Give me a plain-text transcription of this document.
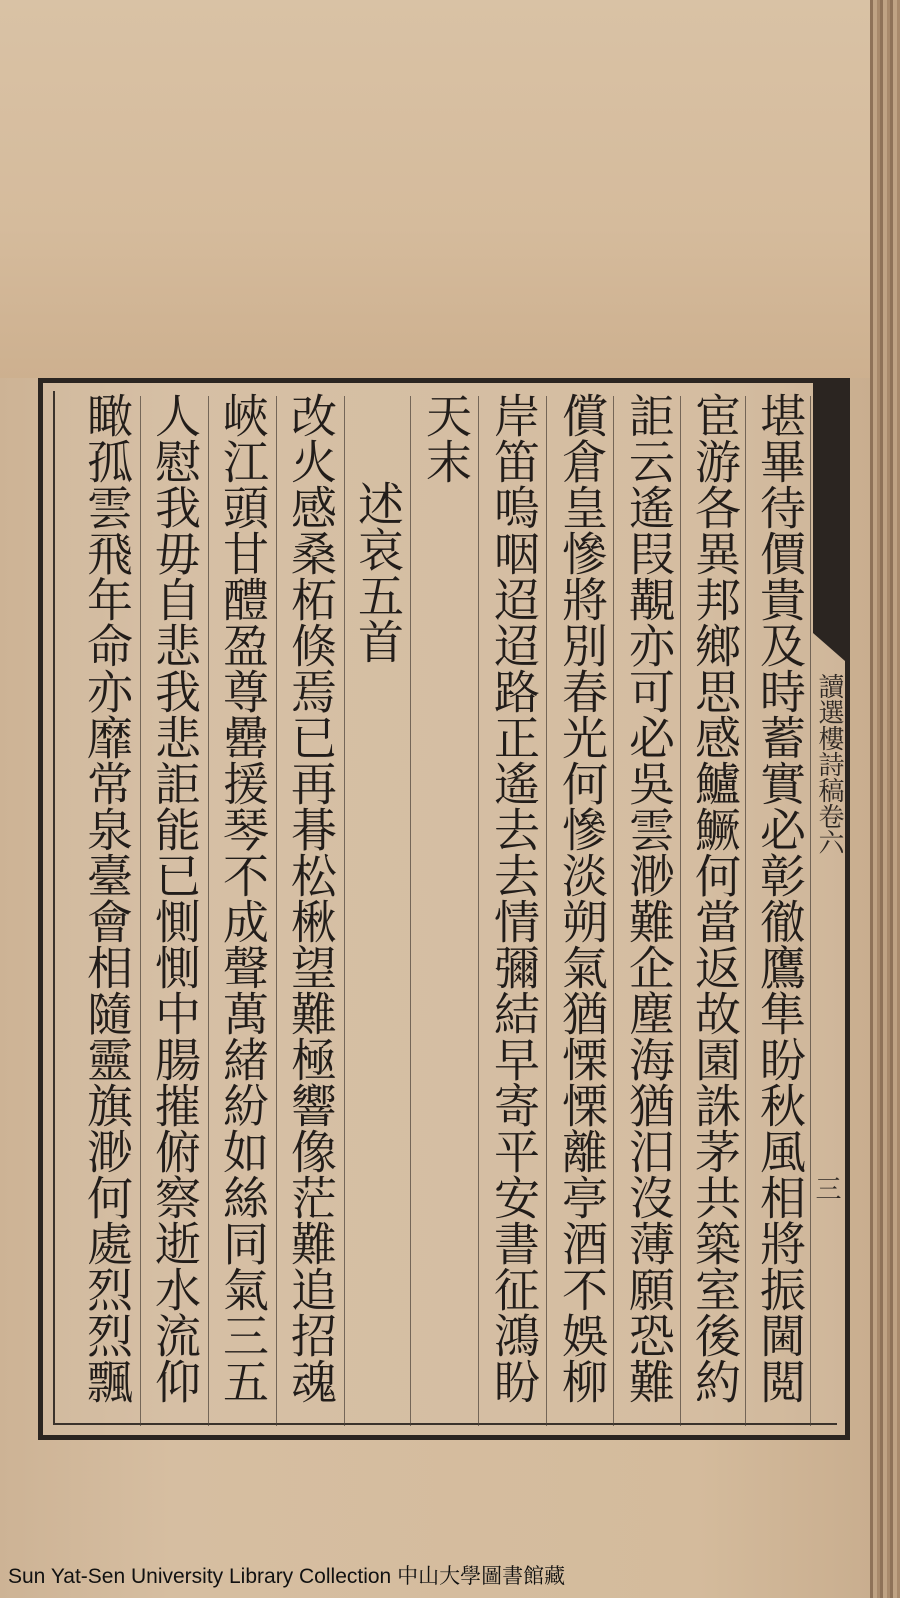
讀選樓詩稿卷六
三
堪畢待價貴及時蓄實必彰徹鷹隼盼秋風相將振閫閲
宦游各異邦鄉思感鱸鱖何當返故園誅茅共築室後約
詎云遙叚覯亦可必吳雲渺難企塵海猶汨沒薄願恐難
償倉皇慘將別春光何慘淡朔氣猶慄慄離亭酒不娛柳
岸笛嗚咽迢迢路正遙去去情彌結早寄平安書征鴻盼
天末
述哀五首
改火感桑柘倏焉已再朞松楸望難極響像茫難追招魂
峽江頭甘醴盈尊罍援琴不成聲萬緒紛如絲同氣三五
人慰我毋自悲我悲詎能已惻惻中腸摧俯察逝水流仰
瞰孤雲飛年命亦靡常泉臺會相隨靈旗渺何處烈烈飄
Sun Yat-Sen University Library Collection 中山大學圖書館藏
